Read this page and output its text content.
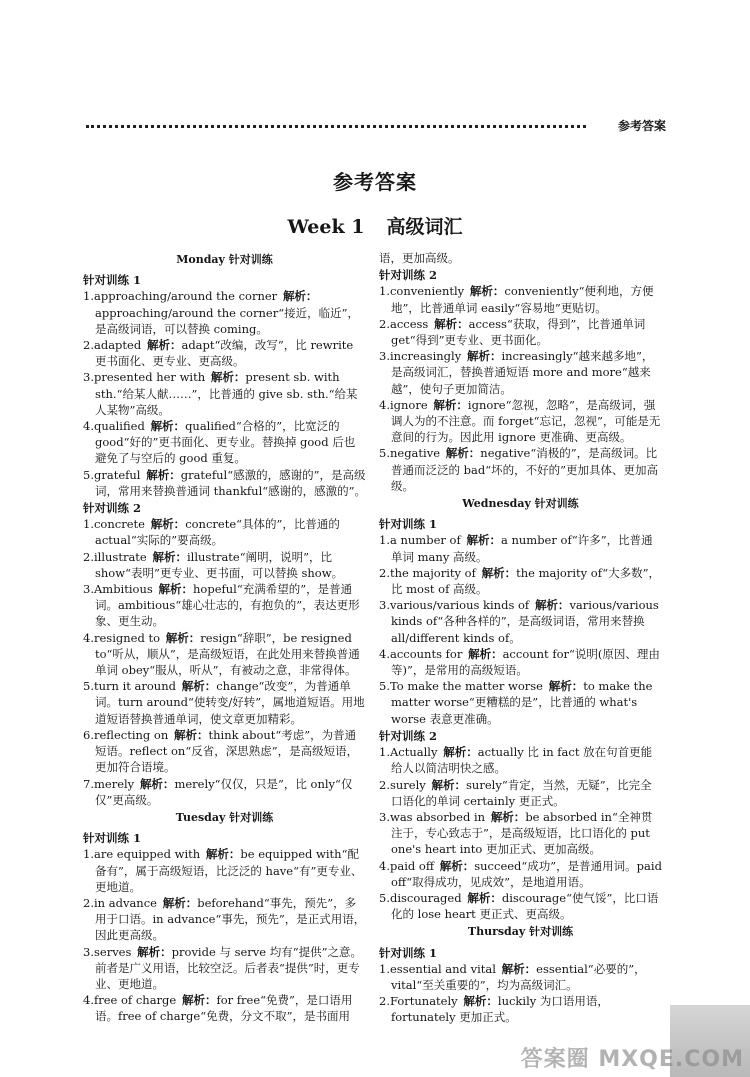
参考答案
参考答案
Week 1 高级词汇
Monday 针对训练
针对训练 1

1.approaching/around the corner  解析：approaching/around the corner“接近，临近”，是高级词语，可以替换 coming。

2.adapted  解析：adapt“改编，改写”，比 rewrite 更书面化、更专业、更高级。

3.presented her with  解析：present sb. with sth.“给某人献……”，比普通的 give sb. sth.“给某人某物”高级。

4.qualified  解析：qualified“合格的”，比宽泛的 good“好的”更书面化、更专业。替换掉 good 后也避免了与空后的 good 重复。

5.grateful  解析：grateful“感激的，感谢的”，是高级词，常用来替换普通词 thankful“感谢的，感激的”。

针对训练 2

1.concrete  解析：concrete“具体的”，比普通的 actual“实际的”要高级。

2.illustrate  解析：illustrate“阐明，说明”，比 show“表明”更专业、更书面，可以替换 show。

3.Ambitious  解析：hopeful“充满希望的”，是普通词。ambitious“雄心壮志的，有抱负的”，表达更形象、更生动。

4.resigned to  解析：resign“辞职”，be resigned to“听从，顺从”，是高级短语，在此处用来替换普通单词 obey“服从，听从”，有被动之意，非常得体。

5.turn it around  解析：change“改变”，为普通单词。turn around“使转变/好转”，属地道短语。用地道短语替换普通单词，使文章更加精彩。

6.reflecting on  解析：think about“考虑”，为普通短语。reflect on“反省，深思熟虑”，是高级短语，更加符合语境。

7.merely  解析：merely“仅仅，只是”，比 only“仅仅”更高级。

Tuesday 针对训练
针对训练 1

1.are equipped with  解析：be equipped with“配备有”，属于高级短语，比泛泛的 have“有”更专业、更地道。

2.in advance  解析：beforehand“事先，预先”，多用于口语。in advance“事先，预先”，是正式用语，因此更高级。

3.serves  解析：provide 与 serve 均有“提供”之意。前者是广义用语，比较空泛。后者表“提供”时，更专业、更地道。

4.free of charge  解析：for free“免费”，是口语用语。free of charge“免费，分文不取”，是书面用

语，更加高级。

针对训练 2

1.conveniently  解析：conveniently“便利地，方便地”，比普通单词 easily“容易地”更贴切。

2.access  解析：access“获取，得到”，比普通单词 get“得到”更专业、更书面化。

3.increasingly  解析：increasingly“越来越多地”，是高级词汇，替换普通短语 more and more“越来越”，使句子更加简洁。

4.ignore  解析：ignore“忽视，忽略”，是高级词，强调人为的不注意。而 forget“忘记，忽视”，可能是无意间的行为。因此用 ignore 更准确、更高级。

5.negative  解析：negative“消极的”，是高级词。比普通而泛泛的 bad“坏的，不好的”更加具体、更加高级。

Wednesday 针对训练
针对训练 1

1.a number of  解析：a number of“许多”，比普通单词 many 高级。

2.the majority of  解析：the majority of“大多数”，比 most of 高级。

3.various/various kinds of  解析：various/various kinds of“各种各样的”，是高级词语，常用来替换 all/different kinds of。

4.accounts for  解析：account for“说明(原因、理由等)”，是常用的高级短语。

5.To make the matter worse  解析：to make the matter worse“更糟糕的是”，比普通的 what's worse 表意更准确。

针对训练 2

1.Actually  解析：actually 比 in fact 放在句首更能给人以简洁明快之感。

2.surely  解析：surely“肯定，当然，无疑”，比完全口语化的单词 certainly 更正式。

3.was absorbed in  解析：be absorbed in“全神贯注于，专心致志于”，是高级短语，比口语化的 put one's heart into 更加正式、更加高级。

4.paid off  解析：succeed“成功”，是普通用词。paid off“取得成功，见成效”，是地道用语。

5.discouraged  解析：discourage“使气馁”，比口语化的 lose heart 更正式、更高级。

Thursday 针对训练
针对训练 1

1.essential and vital  解析：essential“必要的”，vital“至关重要的”，均为高级词汇。

2.Fortunately  解析：luckily 为口语用语，fortunately 更加正式。

答案圈 MXQE.COM
